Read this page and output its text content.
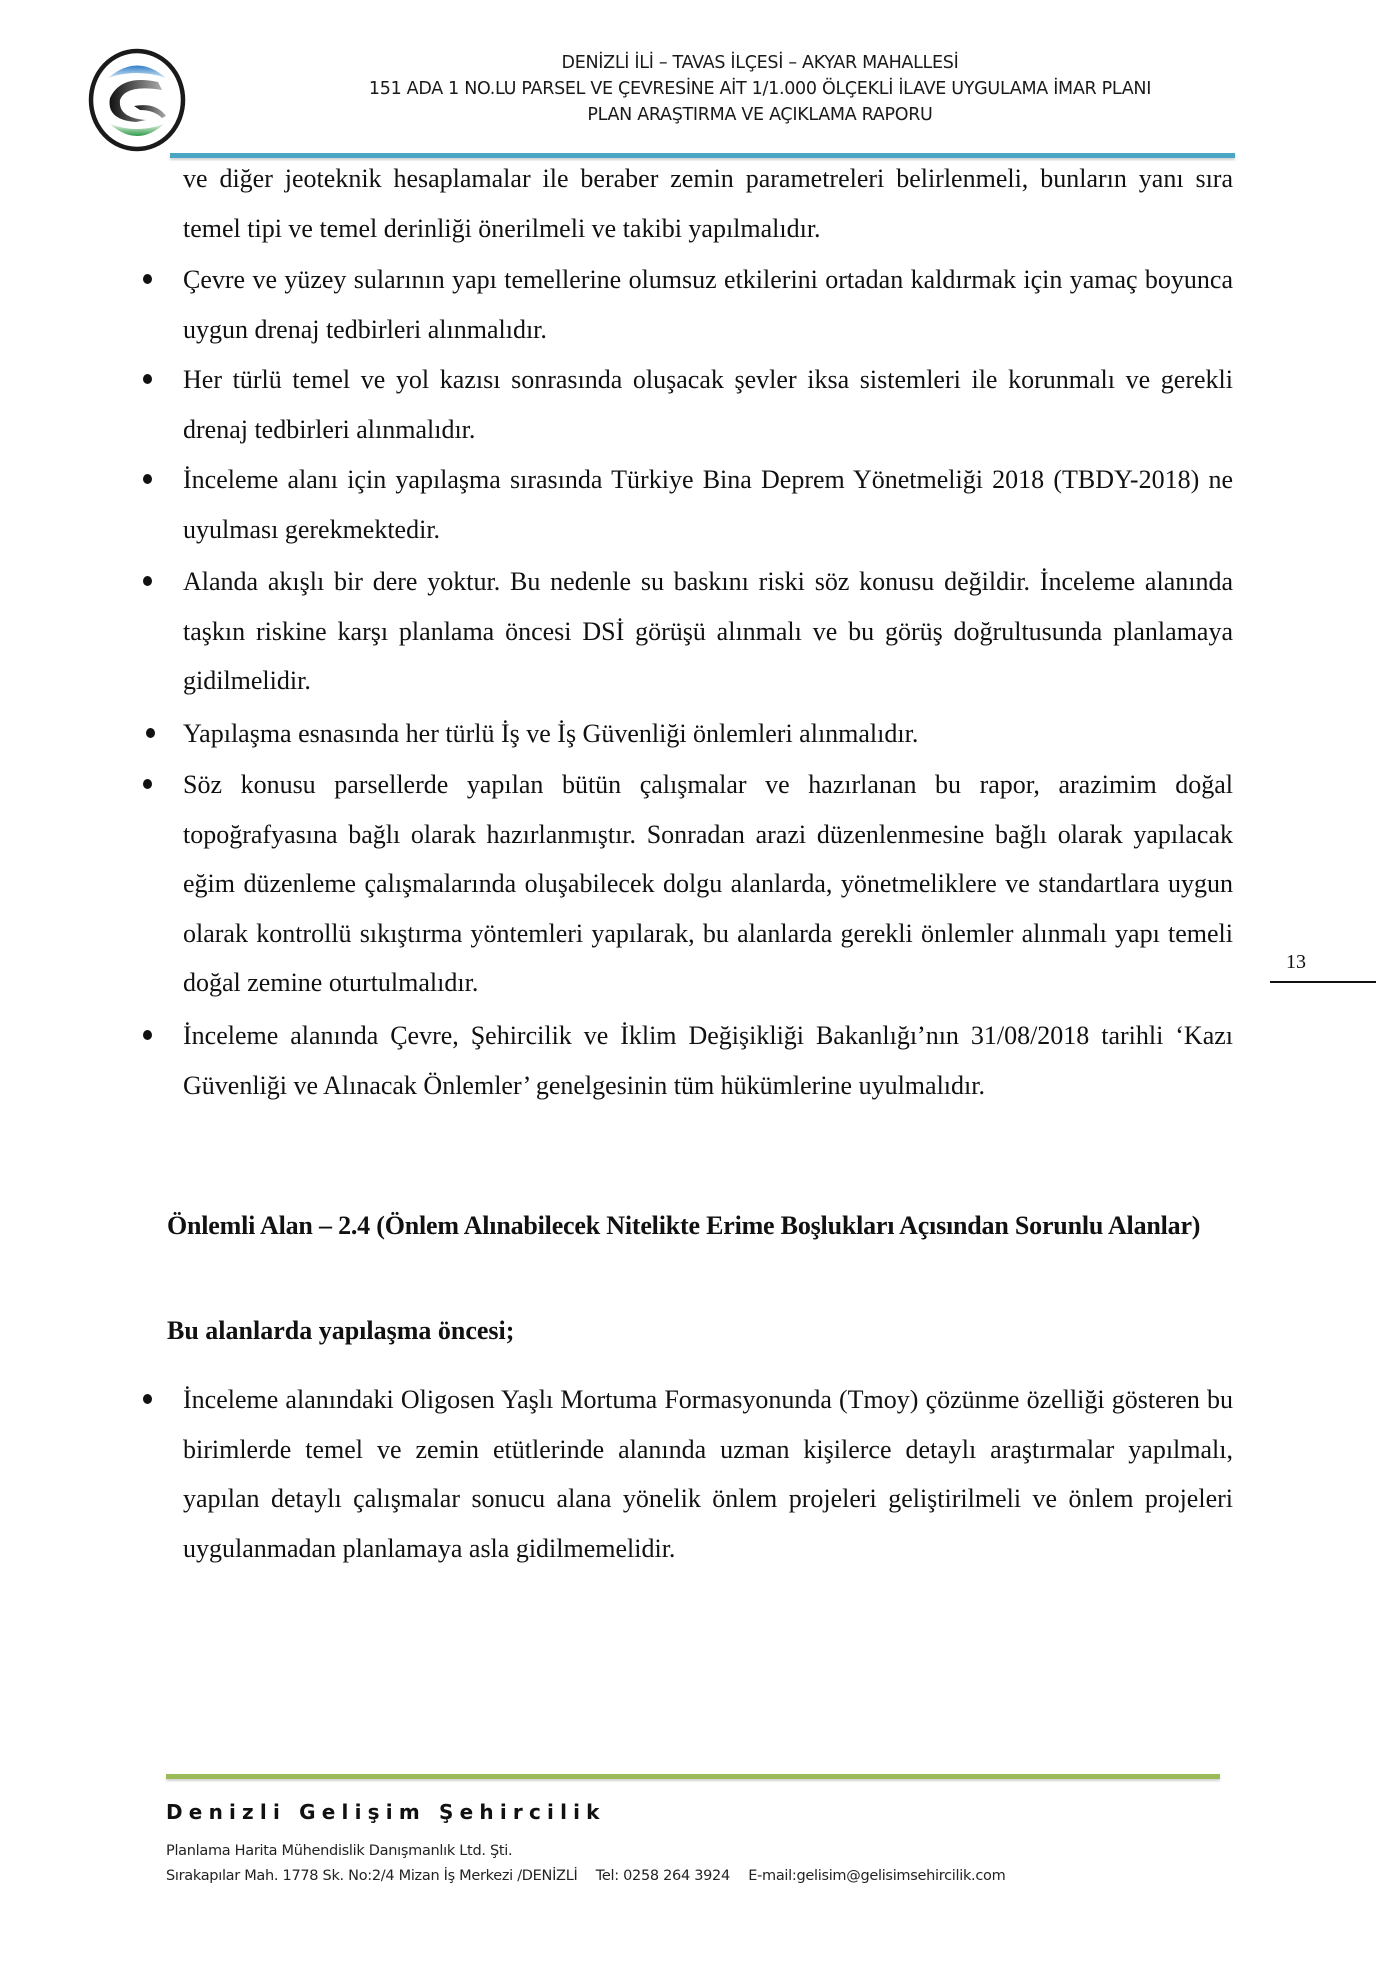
DENİZLİ İLİ – TAVAS İLÇESİ – AKYAR MAHALLESİ
151 ADA 1 NO.LU PARSEL VE ÇEVRESİNE AİT 1/1.000 ÖLÇEKLİ İLAVE UYGULAMA İMAR PLANI
PLAN ARAŞTIRMA VE AÇIKLAMA RAPORU
ve diğer jeoteknik hesaplamalar ile beraber zemin parametreleri belirlenmeli, bunların yanı sıra temel tipi ve temel derinliği önerilmeli ve takibi yapılmalıdır.
Çevre ve yüzey sularının yapı temellerine olumsuz etkilerini ortadan kaldırmak için yamaç boyunca uygun drenaj tedbirleri alınmalıdır.
Her türlü temel ve yol kazısı sonrasında oluşacak şevler iksa sistemleri ile korunmalı ve gerekli drenaj tedbirleri alınmalıdır.
İnceleme alanı için yapılaşma sırasında Türkiye Bina Deprem Yönetmeliği 2018 (TBDY-2018) ne uyulması gerekmektedir.
Alanda akışlı bir dere yoktur. Bu nedenle su baskını riski söz konusu değildir. İnceleme alanında taşkın riskine karşı planlama öncesi DSİ görüşü alınmalı ve bu görüş doğrultusunda planlamaya gidilmelidir.
Yapılaşma esnasında her türlü İş ve İş Güvenliği önlemleri alınmalıdır.
Söz konusu parsellerde yapılan bütün çalışmalar ve hazırlanan bu rapor, arazimim doğal topoğrafyasına bağlı olarak hazırlanmıştır. Sonradan arazi düzenlenmesine bağlı olarak yapılacak eğim düzenleme çalışmalarında oluşabilecek dolgu alanlarda, yönetmeliklere ve standartlara uygun olarak kontrollü sıkıştırma yöntemleri yapılarak, bu alanlarda gerekli önlemler alınmalı yapı temeli doğal zemine oturtulmalıdır.
İnceleme alanında Çevre, Şehircilik ve İklim Değişikliği Bakanlığı’nın 31/08/2018 tarihli ‘Kazı Güvenliği ve Alınacak Önlemler’ genelgesinin tüm hükümlerine uyulmalıdır.
Önlemli Alan – 2.4 (Önlem Alınabilecek Nitelikte Erime Boşlukları Açısından Sorunlu Alanlar)
Bu alanlarda yapılaşma öncesi;
İnceleme alanındaki Oligosen Yaşlı Mortuma Formasyonunda (Tmoy) çözünme özelliği gösteren bu birimlerde temel ve zemin etütlerinde alanında uzman kişilerce detaylı araştırmalar yapılmalı, yapılan detaylı çalışmalar sonucu alana yönelik önlem projeleri geliştirilmeli ve önlem projeleri uygulanmadan planlamaya asla gidilmemelidir.
13
Denizli Gelişim Şehircilik
Planlama Harita Mühendislik Danışmanlık Ltd. Şti.
Sırakapılar Mah. 1778 Sk. No:2/4 Mizan İş Merkezi /DENİZLİ Tel: 0258 264 3924 E-mail:gelisim@gelisimsehircilik.com
